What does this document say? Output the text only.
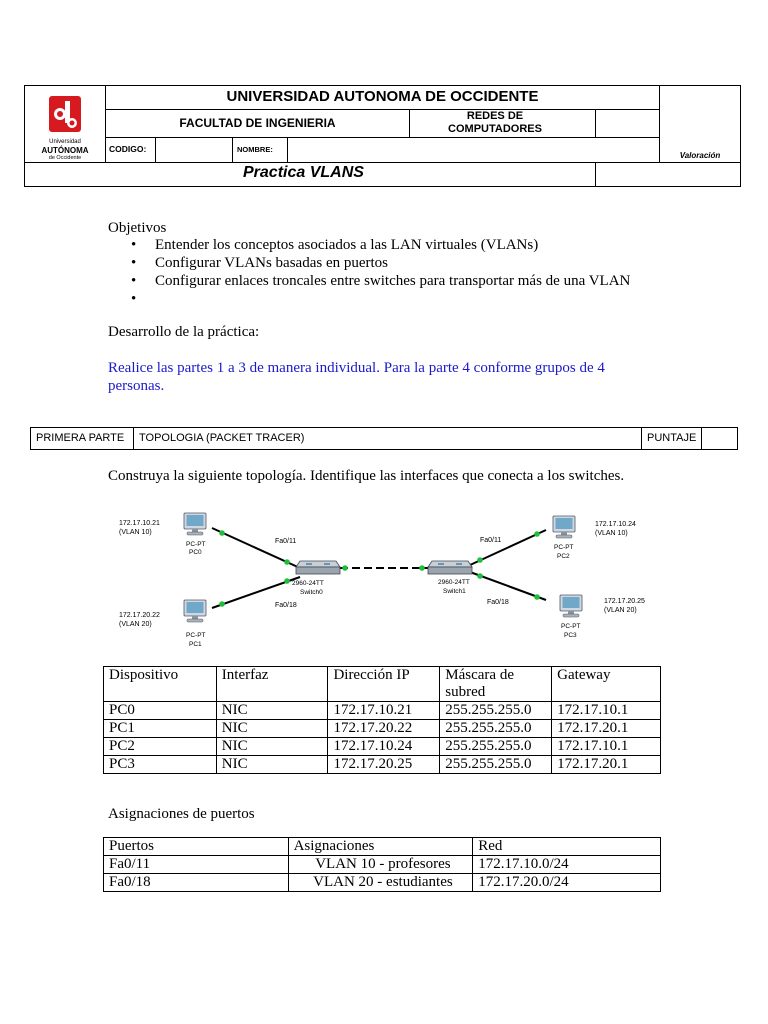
Universidad
AUTÓNOMA
de Occidente
UNIVERSIDAD AUTONOMA DE OCCIDENTE
FACULTAD DE INGENIERIA	REDES DE COMPUTADORES
CODIGO:	NOMBRE:
Valoración
Practica VLANS
Objetivos
• Entender los conceptos asociados a las LAN virtuales (VLANs)
• Configurar VLANs basadas en puertos
• Configurar enlaces troncales entre switches para transportar más de una VLAN
•
Desarrollo de la práctica:
Realice las partes 1 a 3 de manera individual. Para la parte 4 conforme grupos de 4 personas.
PRIMERA PARTE	TOPOLOGIA (PACKET TRACER)	PUNTAJE
Construya la siguiente topología. Identifique las interfaces que conecta a los switches.
172.17.10.21
(VLAN 10)
PC-PT
PC0
172.17.20.22
(VLAN 20)
PC-PT
PC1
172.17.10.24
(VLAN 10)
PC-PT
PC2
172.17.20.25
(VLAN 20)
PC-PT
PC3
2960-24TT
Switch0
Fa0/11
Fa0/18
2960-24TT
Switch1
Fa0/11
Fa0/18
Dispositivo	Interfaz	Dirección IP	Máscara de subred	Gateway
PC0	NIC	172.17.10.21	255.255.255.0	172.17.10.1
PC1	NIC	172.17.20.22	255.255.255.0	172.17.20.1
PC2	NIC	172.17.10.24	255.255.255.0	172.17.10.1
PC3	NIC	172.17.20.25	255.255.255.0	172.17.20.1
Asignaciones de puertos
Puertos	Asignaciones	Red
Fa0/11	VLAN 10 - profesores	172.17.10.0/24
Fa0/18	VLAN 20 - estudiantes	172.17.20.0/24
